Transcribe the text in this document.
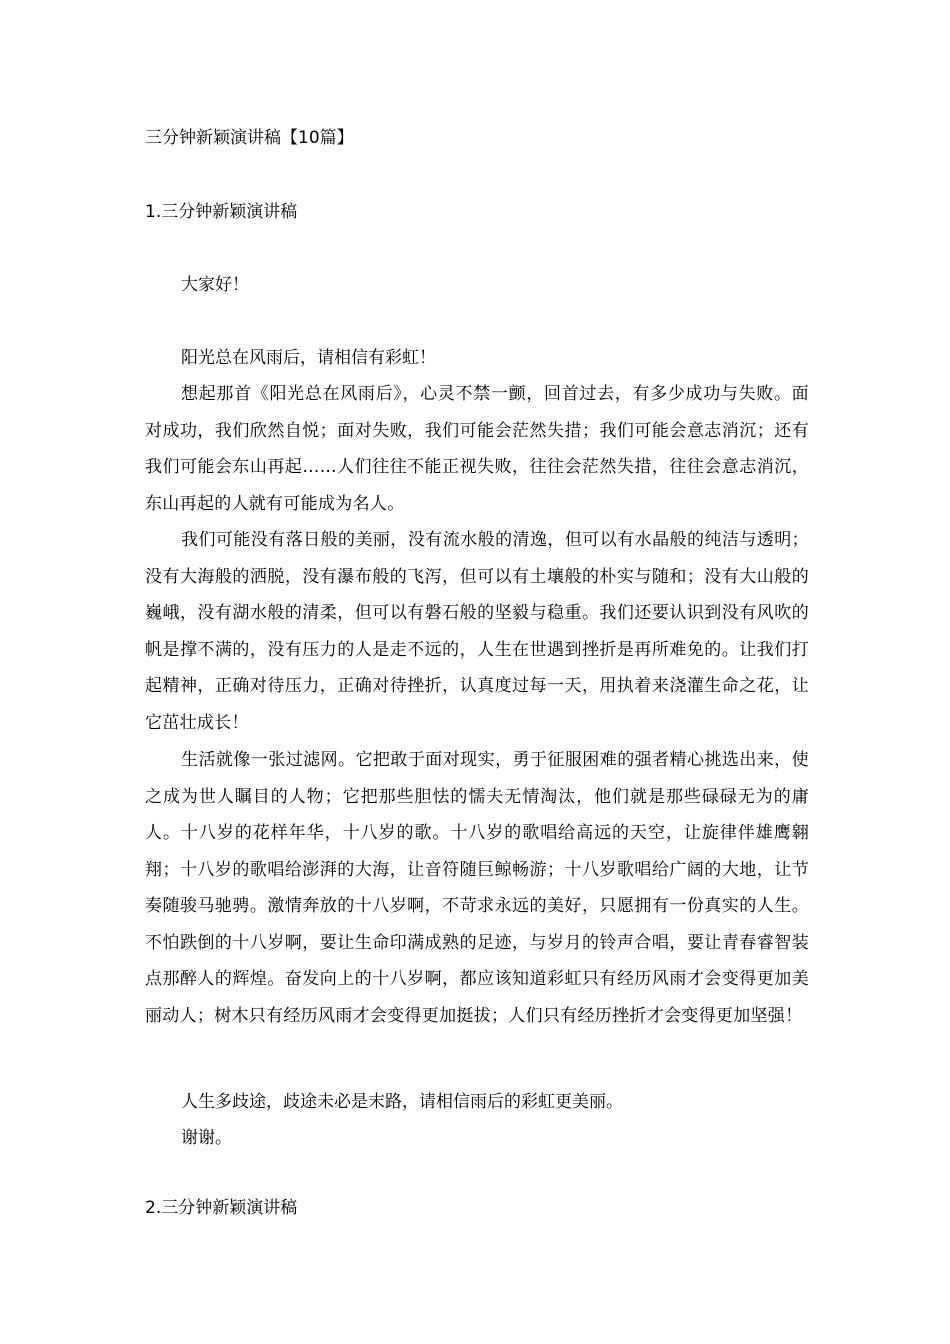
三分钟新颖演讲稿【10篇】
1.三分钟新颖演讲稿
大家好！
阳光总在风雨后，请相信有彩虹！

想起那首《阳光总在风雨后》，心灵不禁一颤，回首过去，有多少成功与失败。面对成功，我们欣然自悦；面对失败，我们可能会茫然失措；我们可能会意志消沉；还有我们可能会东山再起……人们往往不能正视失败，往往会茫然失措，往往会意志消沉，东山再起的人就有可能成为名人。

我们可能没有落日般的美丽，没有流水般的清逸，但可以有水晶般的纯洁与透明；没有大海般的洒脱，没有瀑布般的飞泻，但可以有土壤般的朴实与随和；没有大山般的巍峨，没有湖水般的清柔，但可以有磐石般的坚毅与稳重。我们还要认识到没有风吹的帆是撑不满的，没有压力的人是走不远的，人生在世遇到挫折是再所难免的。让我们打起精神，正确对待压力，正确对待挫折，认真度过每一天，用执着来浇灌生命之花，让它茁壮成长！

生活就像一张过滤网。它把敢于面对现实，勇于征服困难的强者精心挑选出来，使之成为世人瞩目的人物；它把那些胆怯的懦夫无情淘汰，他们就是那些碌碌无为的庸人。十八岁的花样年华，十八岁的歌。十八岁的歌唱给高远的天空，让旋律伴雄鹰翱翔；十八岁的歌唱给澎湃的大海，让音符随巨鲸畅游；十八岁歌唱给广阔的大地，让节奏随骏马驰骋。激情奔放的十八岁啊，不苛求永远的美好，只愿拥有一份真实的人生。不怕跌倒的十八岁啊，要让生命印满成熟的足迹，与岁月的铃声合唱，要让青春睿智装点那醉人的辉煌。奋发向上的十八岁啊，都应该知道彩虹只有经历风雨才会变得更加美丽动人；树木只有经历风雨才会变得更加挺拔；人们只有经历挫折才会变得更加坚强！

人生多歧途，歧途未必是末路，请相信雨后的彩虹更美丽。
谢谢。
2.三分钟新颖演讲稿
